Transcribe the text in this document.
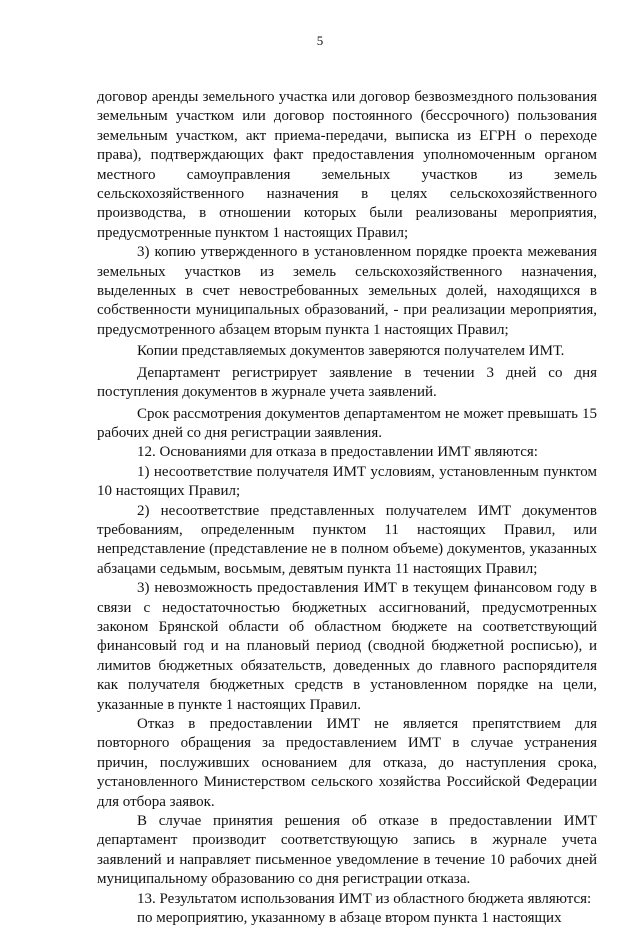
5

договор аренды земельного участка или договор безвозмездного пользования земельным участком или договор постоянного (бессрочного) пользования земельным участком, акт приема-передачи, выписка из ЕГРН о переходе права), подтверждающих факт предоставления уполномоченным органом местного самоуправления земельных участков из земель сельскохозяйственного назначения в целях сельскохозяйственного производства, в отношении которых были реализованы мероприятия, предусмотренные пунктом 1 настоящих Правил;

3) копию утвержденного в установленном порядке проекта межевания земельных участков из земель сельскохозяйственного назначения, выделенных в счет невостребованных земельных долей, находящихся в собственности муниципальных образований, - при реализации мероприятия, предусмотренного абзацем вторым пункта 1 настоящих Правил;

Копии представляемых документов заверяются получателем ИМТ.

Департамент регистрирует заявление в течении 3 дней со дня поступления документов в журнале учета заявлений.

Срок рассмотрения документов департаментом не может превышать 15 рабочих дней со дня регистрации заявления.

12. Основаниями для отказа в предоставлении ИМТ являются:

1) несоответствие получателя ИМТ условиям, установленным пунктом 10 настоящих Правил;

2) несоответствие представленных получателем ИМТ документов требованиям, определенным пунктом 11 настоящих Правил, или непредставление (представление не в полном объеме) документов, указанных абзацами седьмым, восьмым, девятым пункта 11 настоящих Правил;

3) невозможность предоставления ИМТ в текущем финансовом году в связи с недостаточностью бюджетных ассигнований, предусмотренных законом Брянской области об областном бюджете на соответствующий финансовый год и на плановый период (сводной бюджетной росписью), и лимитов бюджетных обязательств, доведенных до главного распорядителя как получателя бюджетных средств в установленном порядке на цели, указанные в пункте 1 настоящих Правил.

Отказ в предоставлении ИМТ не является препятствием для повторного обращения за предоставлением ИМТ в случае устранения причин, послуживших основанием для отказа, до наступления срока, установленного Министерством сельского хозяйства Российской Федерации для отбора заявок.

В случае принятия решения об отказе в предоставлении ИМТ департамент производит соответствующую запись в журнале учета заявлений и направляет письменное уведомление в течение 10 рабочих дней муниципальному образованию со дня регистрации отказа.

13. Результатом использования ИМТ из областного бюджета являются:

по мероприятию, указанному в абзаце втором пункта 1 настоящих
